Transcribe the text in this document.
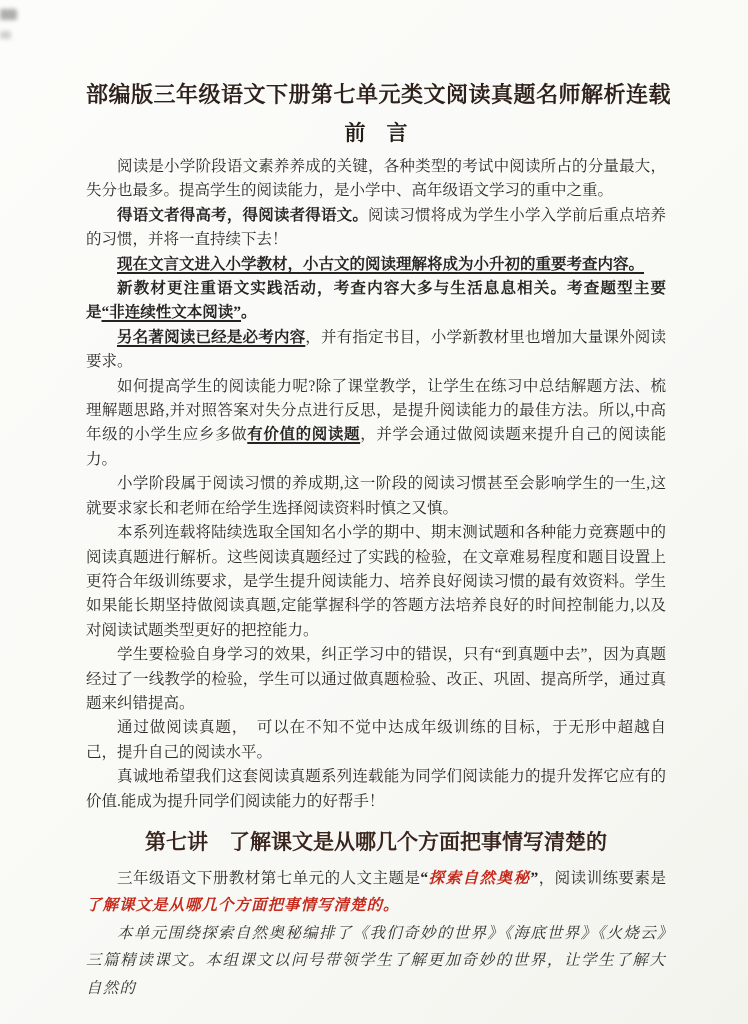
部编版三年级语文下册第七单元类文阅读真题名师解析连载
前　言

阅读是小学阶段语文素养养成的关键，各种类型的考试中阅读所占的分量最大，失分也最多。提高学生的阅读能力，是小学中、高年级语文学习的重中之重。

得语文者得高考，得阅读者得语文。阅读习惯将成为学生小学入学前后重点培养的习惯，并将一直持续下去！

现在文言文进入小学教材，小古文的阅读理解将成为小升初的重要考查内容。

新教材更注重语文实践活动，考查内容大多与生活息息相关。考查题型主要是“非连续性文本阅读”。

另名著阅读已经是必考内容，并有指定书目，小学新教材里也增加大量课外阅读要求。

如何提高学生的阅读能力呢?除了课堂教学，让学生在练习中总结解题方法、梳理解题思路,并对照答案对失分点进行反思，是提升阅读能力的最佳方法。所以,中高年级的小学生应乡多做有价值的阅读题，并学会通过做阅读题来提升自己的阅读能力。

小学阶段属于阅读习惯的养成期,这一阶段的阅读习惯甚至会影响学生的一生,这就要求家长和老师在给学生选择阅读资料时慎之又慎。

本系列连载将陆续选取全国知名小学的期中、期末测试题和各种能力竞赛题中的阅读真题进行解析。这些阅读真题经过了实践的检验，在文章难易程度和题目设置上更符合年级训练要求，是学生提升阅读能力、培养良好阅读习惯的最有效资料。学生如果能长期坚持做阅读真题,定能掌握科学的答题方法培养良好的时间控制能力,以及对阅读试题类型更好的把控能力。

学生要检验自身学习的效果，纠正学习中的错误，只有“到真题中去”，因为真题经过了一线教学的检验，学生可以通过做真题检验、改正、巩固、提高所学，通过真题来纠错提高。

通过做阅读真题，　可以在不知不觉中达成年级训练的目标，于无形中超越自己，提升自己的阅读水平。

真诚地希望我们这套阅读真题系列连载能为同学们阅读能力的提升发挥它应有的价值.能成为提升同学们阅读能力的好帮手！

第七讲　了解课文是从哪几个方面把事情写清楚的

三年级语文下册教材第七单元的人文主题是“探索自然奥秘”，阅读训练要素是了解课文是从哪几个方面把事情写清楚的。

本单元围绕探索自然奥秘编排了《我们奇妙的世界》《海底世界》《火烧云》三篇精读课文。本组课文以问号带领学生了解更加奇妙的世界，让学生了解大自然的
